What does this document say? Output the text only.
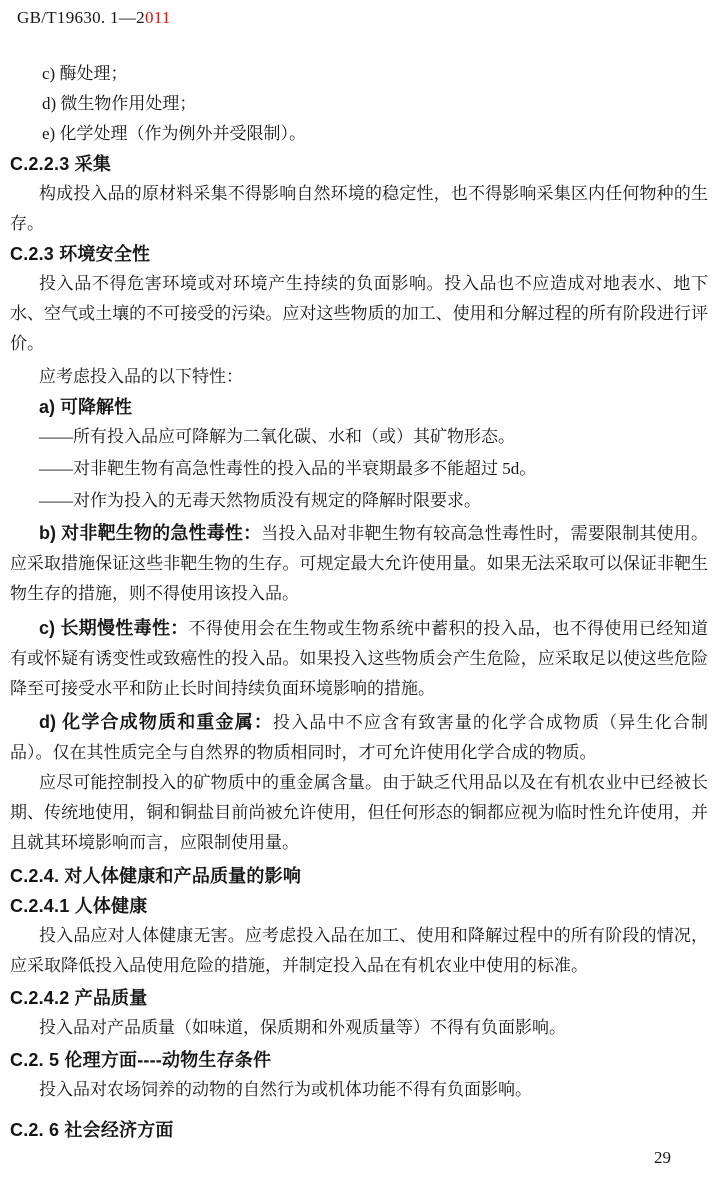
GB/T19630. 1—2011

c) 酶处理；

d) 微生物作用处理；

e) 化学处理（作为例外并受限制）。

C.2.2.3 采集

构成投入品的原材料采集不得影响自然环境的稳定性，也不得影响采集区内任何物种的生存。

C.2.3 环境安全性

投入品不得危害环境或对环境产生持续的负面影响。投入品也不应造成对地表水、地下水、空气或土壤的不可接受的污染。应对这些物质的加工、使用和分解过程的所有阶段进行评价。

应考虑投入品的以下特性：

a) 可降解性

——所有投入品应可降解为二氧化碳、水和（或）其矿物形态。

——对非靶生物有高急性毒性的投入品的半衰期最多不能超过 5d。

——对作为投入的无毒天然物质没有规定的降解时限要求。

b) 对非靶生物的急性毒性：当投入品对非靶生物有较高急性毒性时，需要限制其使用。应采取措施保证这些非靶生物的生存。可规定最大允许使用量。如果无法采取可以保证非靶生物生存的措施，则不得使用该投入品。

c) 长期慢性毒性：不得使用会在生物或生物系统中蓄积的投入品，也不得使用已经知道有或怀疑有诱变性或致癌性的投入品。如果投入这些物质会产生危险，应采取足以使这些危险降至可接受水平和防止长时间持续负面环境影响的措施。

d) 化学合成物质和重金属：投入品中不应含有致害量的化学合成物质（异生化合制品）。仅在其性质完全与自然界的物质相同时，才可允许使用化学合成的物质。

应尽可能控制投入的矿物质中的重金属含量。由于缺乏代用品以及在有机农业中已经被长期、传统地使用，铜和铜盐目前尚被允许使用，但任何形态的铜都应视为临时性允许使用，并且就其环境影响而言，应限制使用量。

C.2.4. 对人体健康和产品质量的影响

C.2.4.1 人体健康

投入品应对人体健康无害。应考虑投入品在加工、使用和降解过程中的所有阶段的情况，应采取降低投入品使用危险的措施，并制定投入品在有机农业中使用的标准。

C.2.4.2 产品质量

投入品对产品质量（如味道，保质期和外观质量等）不得有负面影响。

C.2. 5 伦理方面----动物生存条件

投入品对农场饲养的动物的自然行为或机体功能不得有负面影响。

C.2. 6 社会经济方面

29
